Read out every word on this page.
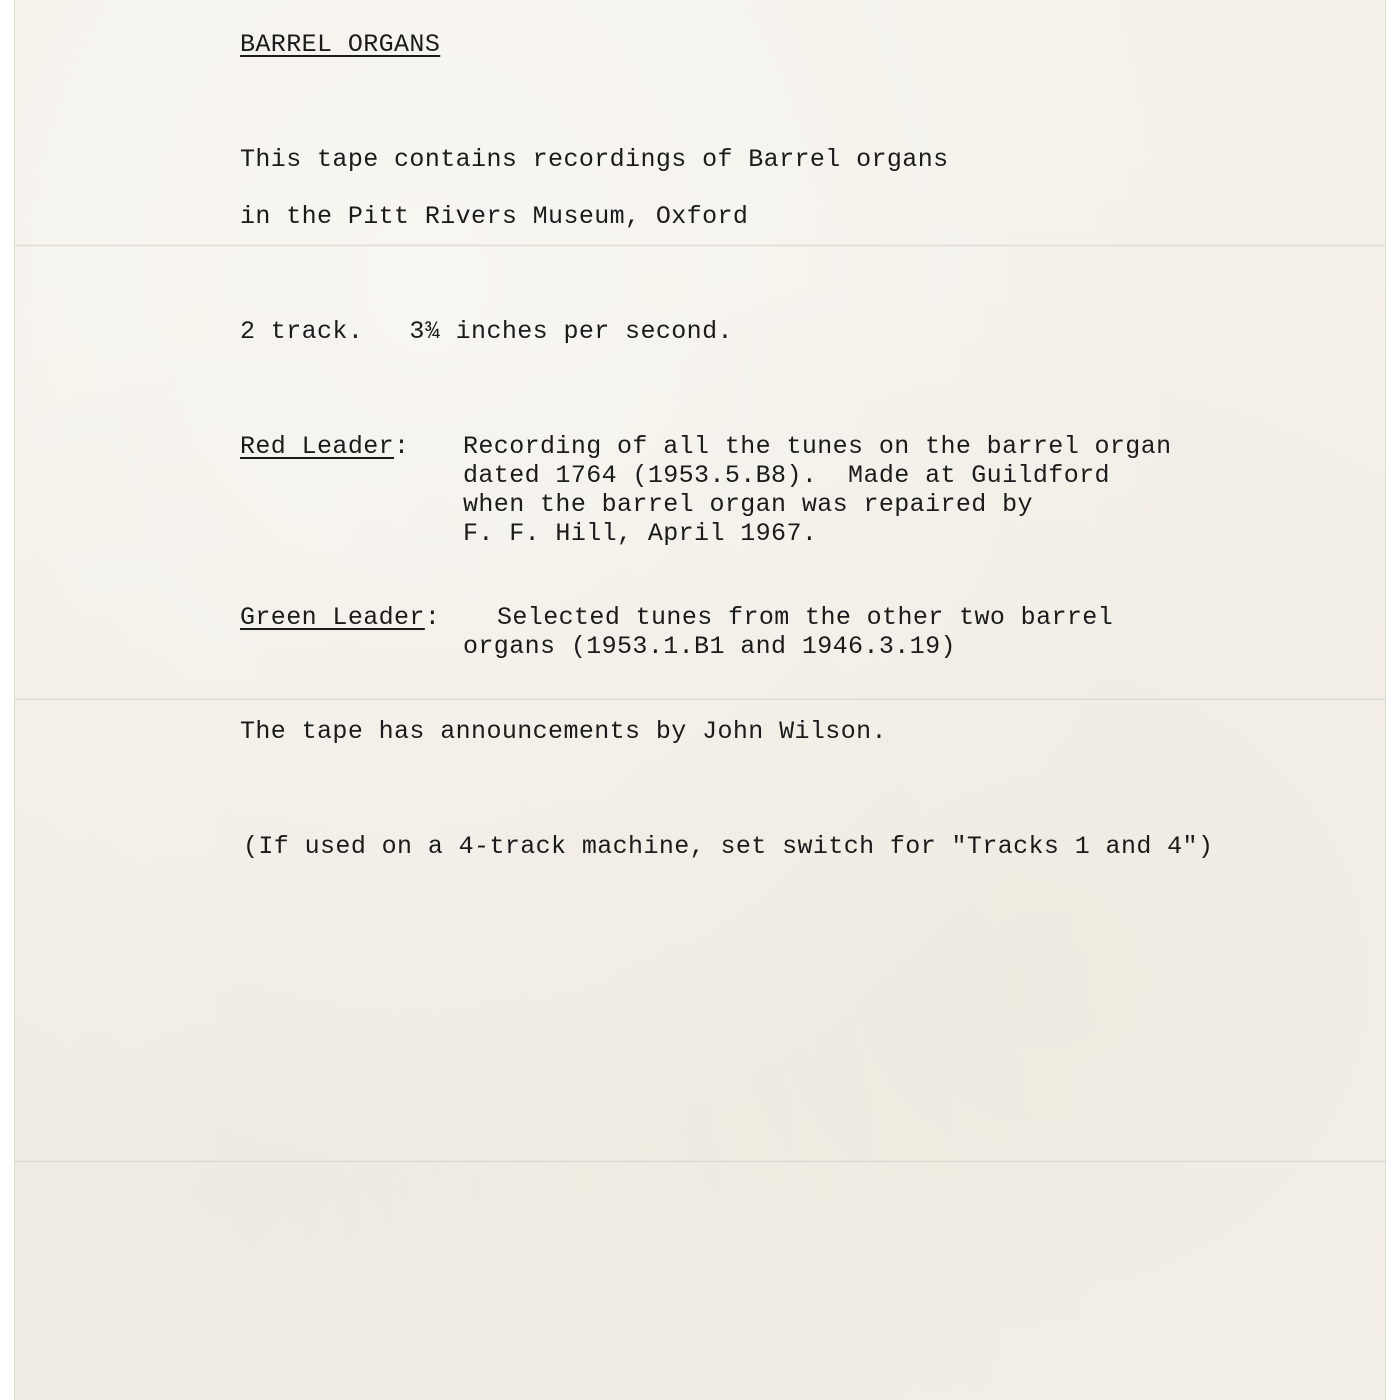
BARREL ORGANS
This tape contains recordings of Barrel organs
in the Pitt Rivers Museum, Oxford
2 track.   3¾ inches per second.
Red Leader: Recording of all the tunes on the barrel organ
dated 1764 (1953.5.B8).  Made at Guildford
when the barrel organ was repaired by
F. F. Hill, April 1967.
Green Leader: Selected tunes from the other two barrel
organs (1953.1.B1 and 1946.3.19)
The tape has announcements by John Wilson.
(If used on a 4-track machine, set switch for "Tracks 1 and 4")
